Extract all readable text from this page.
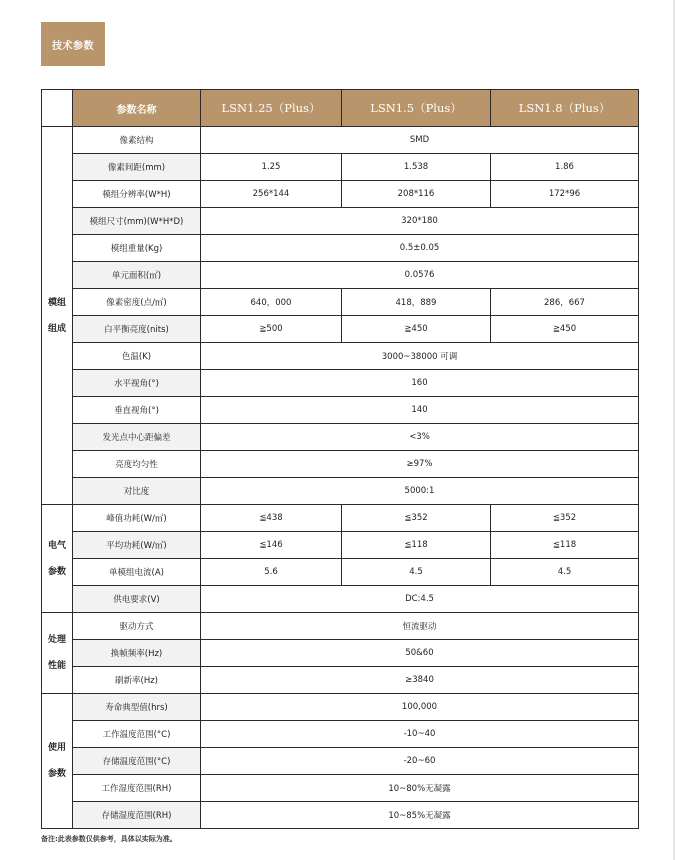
技术参数
	参数名称	LSN1.25（Plus）	LSN1.5（Plus）	LSN1.8（Plus）

模组
组成	像素结构	SMD		
	像素间距(mm)	1.25	1.538	1.86
	模组分辨率(W*H)	256*144	208*116	172*96
	模组尺寸(mm)(W*H*D)	320*180		
	模组重量(Kg)	0.5±0.05		
	单元面积(㎡)	0.0576		
	像素密度(点/㎡)	640，000	418，889	286，667
	白平衡亮度(nits)	≧500	≧450	≧450
	色温(K)	3000~38000 可调		
	水平视角(°)	160		
	垂直视角(°)	140		
	发光点中心距偏差	<3%		
	亮度均匀性	≥97%		
	对比度	5000:1		

电气
参数	峰值功耗(W/㎡)	≦438	≦352	≦352
	平均功耗(W/㎡)	≦146	≦118	≦118
	单模组电流(A)	5.6	4.5	4.5
	供电要求(V)	DC:4.5		

处理
性能	驱动方式	恒流驱动		
	换帧频率(Hz)	50&60		
	刷新率(Hz)	≥3840		

使用
参数	寿命典型值(hrs)	100,000		
	工作温度范围(°C)	-10~40		
	存储温度范围(°C)	-20~60		
	工作湿度范围(RH)	10~80%无凝露		
	存储湿度范围(RH)	10~85%无凝露		
备注:此表参数仅供参考，具体以实际为准。
